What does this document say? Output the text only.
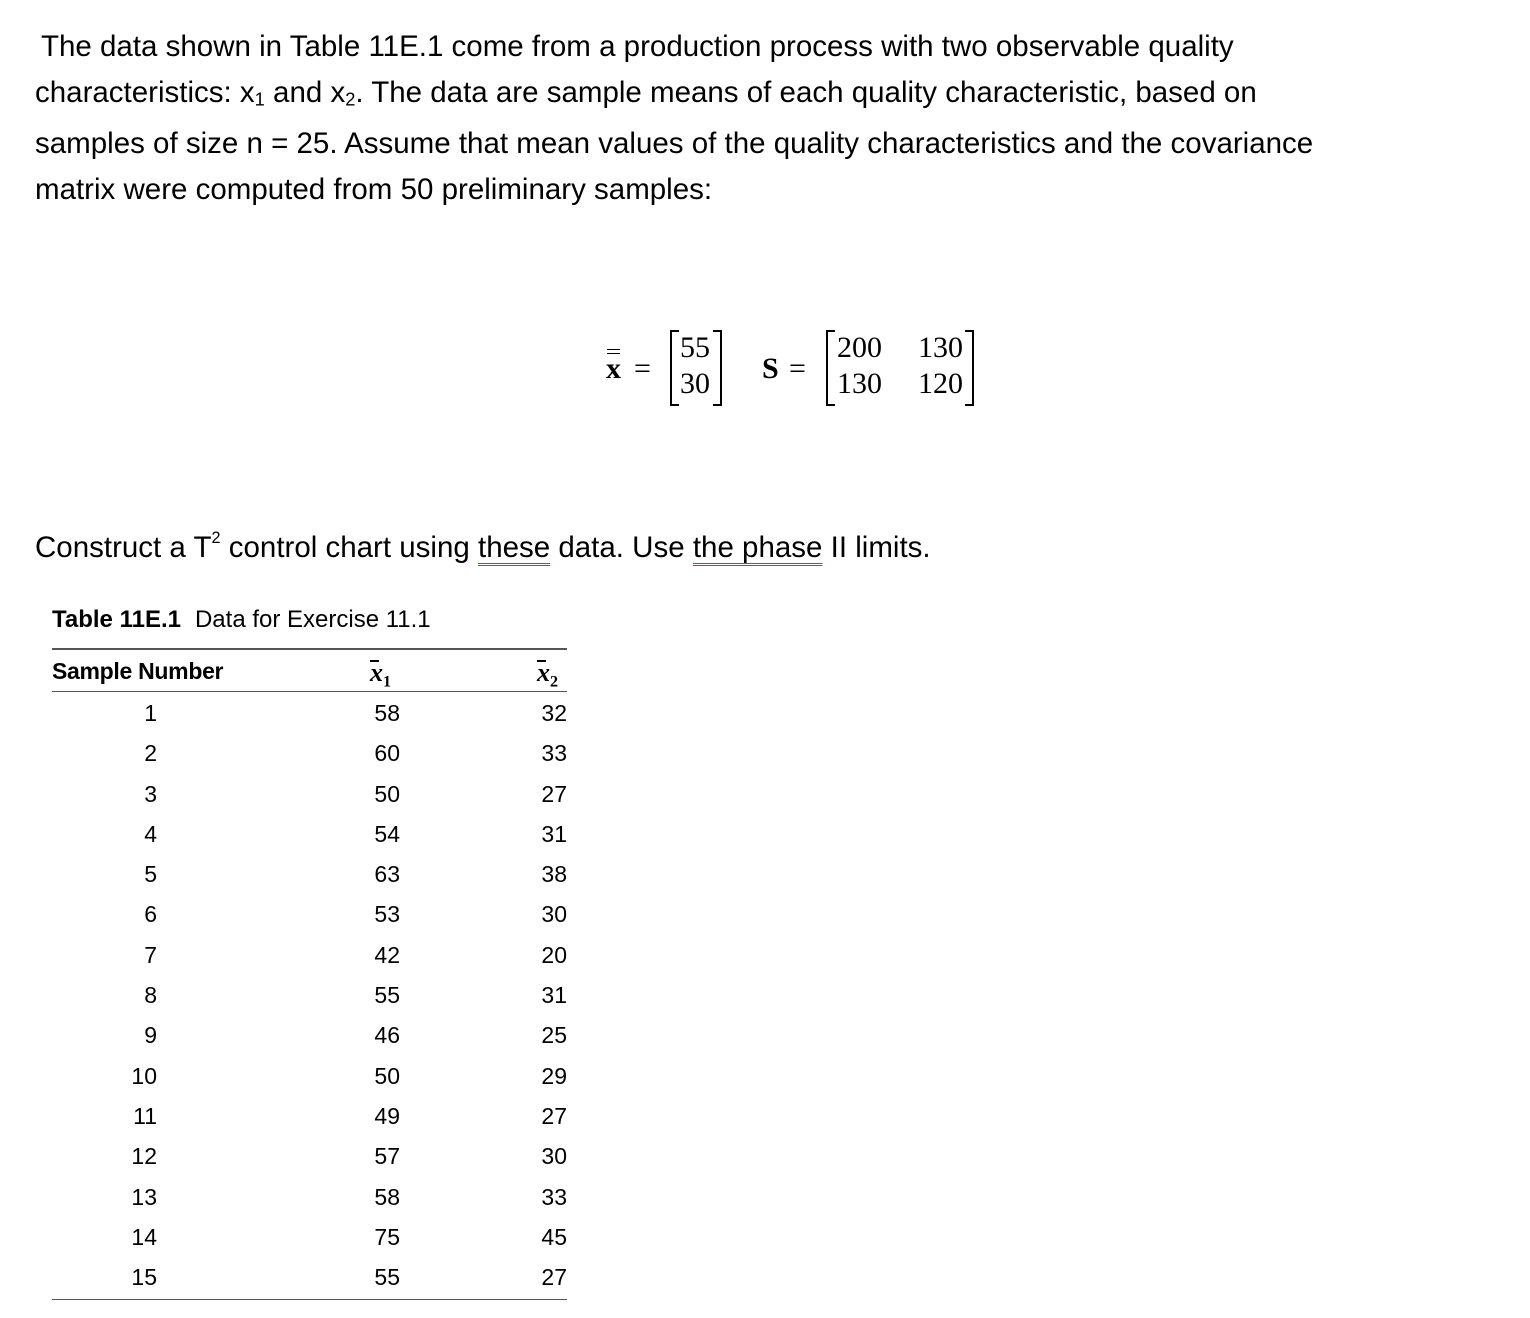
The data shown in Table 11E.1 come from a production process with two observable quality
characteristics: x1 and x2. The data are sample means of each quality characteristic, based on
samples of size n = 25. Assume that mean values of the quality characteristics and the covariance
matrix were computed from 50 preliminary samples:

x =
55
30 S =
200 130
130 120

Construct a $T^2$ control chart using these data. Use the phase II limits.

Table 11E.1 Data for Exercise 11.1
Sample Number	$x_1$	$x_2$
1	58	32
2	60	33
3	50	27
4	54	31
5	63	38
6	53	30
7	42	20
8	55	31
9	46	25
10	50	29
11	49	27
12	57	30
13	58	33
14	75	45
15	55	27
